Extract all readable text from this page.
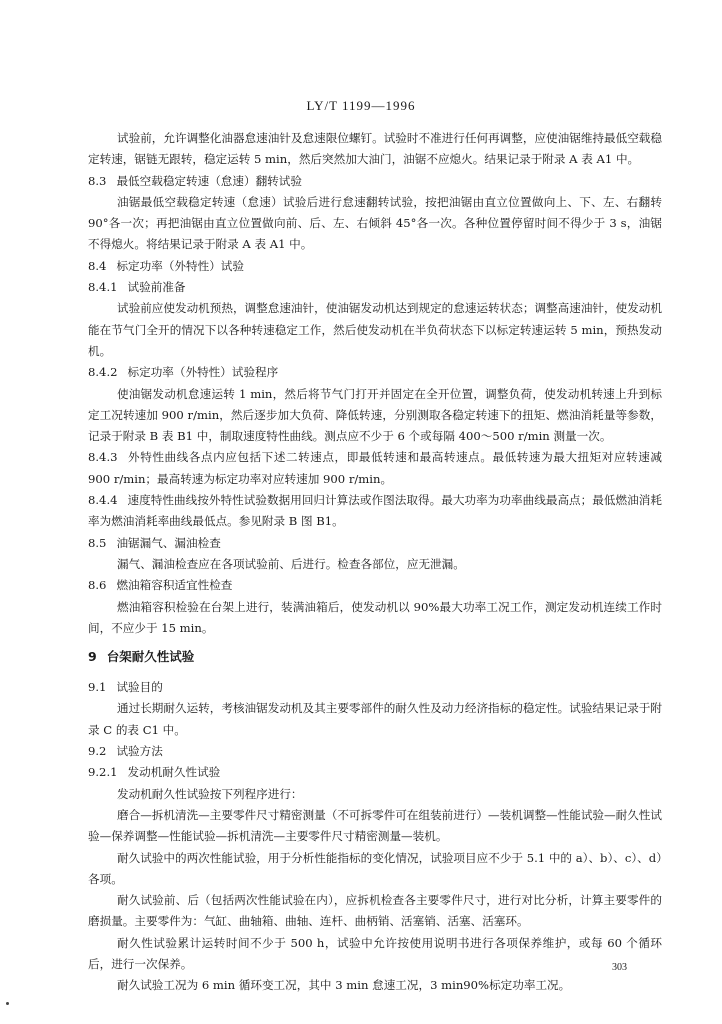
LY/T 1199—1996

试验前，允许调整化油器怠速油针及怠速限位螺钉。试验时不准进行任何再调整，应使油锯维持最低空载稳定转速，锯链无跟转，稳定运转 5 min，然后突然加大油门，油锯不应熄火。结果记录于附录 A 表 A1 中。

8.3 最低空载稳定转速（怠速）翻转试验

油锯最低空载稳定转速（怠速）试验后进行怠速翻转试验，按把油锯由直立位置做向上、下、左、右翻转 90°各一次；再把油锯由直立位置做向前、后、左、右倾斜 45°各一次。各种位置停留时间不得少于 3 s，油锯不得熄火。将结果记录于附录 A 表 A1 中。

8.4 标定功率（外特性）试验
8.4.1 试验前准备

试验前应使发动机预热，调整怠速油针，使油锯发动机达到规定的怠速运转状态；调整高速油针，使发动机能在节气门全开的情况下以各种转速稳定工作，然后使发动机在半负荷状态下以标定转速运转 5 min，预热发动机。

8.4.2 标定功率（外特性）试验程序

使油锯发动机怠速运转 1 min，然后将节气门打开并固定在全开位置，调整负荷，使发动机转速上升到标定工况转速加 900 r/min，然后逐步加大负荷、降低转速，分别测取各稳定转速下的扭矩、燃油消耗量等参数，记录于附录 B 表 B1 中，制取速度特性曲线。测点应不少于 6 个或每隔 400～500 r/min 测量一次。

8.4.3 外特性曲线各点内应包括下述二转速点，即最低转速和最高转速点。最低转速为最大扭矩对应转速减 900 r/min；最高转速为标定功率对应转速加 900 r/min。
8.4.4 速度特性曲线按外特性试验数据用回归计算法或作图法取得。最大功率为功率曲线最高点；最低燃油消耗率为燃油消耗率曲线最低点。参见附录 B 图 B1。
8.5 油锯漏气、漏油检查

漏气、漏油检查应在各项试验前、后进行。检查各部位，应无泄漏。

8.6 燃油箱容积适宜性检查

燃油箱容积检验在台架上进行，装满油箱后，使发动机以 90%最大功率工况工作，测定发动机连续工作时间，不应少于 15 min。

9 台架耐久性试验
9.1 试验目的

通过长期耐久运转，考核油锯发动机及其主要零部件的耐久性及动力经济指标的稳定性。试验结果记录于附录 C 的表 C1 中。

9.2 试验方法
9.2.1 发动机耐久性试验

发动机耐久性试验按下列程序进行：

磨合—拆机清洗—主要零件尺寸精密测量（不可拆零件可在组装前进行）—装机调整—性能试验—耐久性试验—保养调整—性能试验—拆机清洗—主要零件尺寸精密测量—装机。

耐久试验中的两次性能试验，用于分析性能指标的变化情况，试验项目应不少于 5.1 中的 a）、b）、c）、d）各项。

耐久试验前、后（包括两次性能试验在内），应拆机检查各主要零件尺寸，进行对比分析，计算主要零件的磨损量。主要零件为：气缸、曲轴箱、曲轴、连杆、曲柄销、活塞销、活塞、活塞环。

耐久性试验累计运转时间不少于 500 h，试验中允许按使用说明书进行各项保养维护，或每 60 个循环后，进行一次保养。

耐久试验工况为 6 min 循环变工况，其中 3 min 怠速工况，3 min90%标定功率工况。

303
